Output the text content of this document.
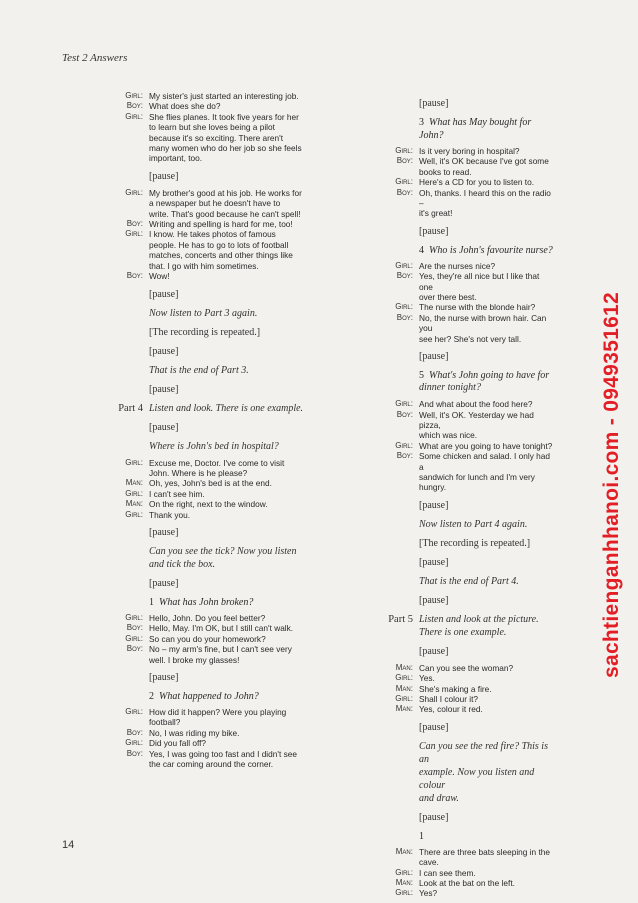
Test 2 Answers
Girl: My sister's just started an interesting job.
Boy: What does she do?
Girl: She flies planes. It took five years for her
to learn but she loves being a pilot
because it's so exciting. There aren't
many women who do her job so she feels
important, too.
[pause]
Girl: My brother's good at his job. He works for
a newspaper but he doesn't have to
write. That's good because he can't spell!
Boy: Writing and spelling is hard for me, too!
Girl: I know. He takes photos of famous
people. He has to go to lots of football
matches, concerts and other things like
that. I go with him sometimes.
Boy: Wow!
[pause]
Now listen to Part 3 again.
[The recording is repeated.]
[pause]
That is the end of Part 3.
[pause]
Part 4 Listen and look. There is one example.
[pause]
Where is John's bed in hospital?
Girl: Excuse me, Doctor. I've come to visit
John. Where is he please?
Man: Oh, yes, John's bed is at the end.
Girl: I can't see him.
Man: On the right, next to the window.
Girl: Thank you.
[pause]
Can you see the tick? Now you listen
and tick the box.
[pause]
1 What has John broken?
Girl: Hello, John. Do you feel better?
Boy: Hello, May. I'm OK, but I still can't walk.
Girl: So can you do your homework?
Boy: No – my arm's fine, but I can't see very
well. I broke my glasses!
[pause]
2 What happened to John?
Girl: How did it happen? Were you playing
football?
Boy: No, I was riding my bike.
Girl: Did you fall off?
Boy: Yes, I was going too fast and I didn't see
the car coming around the corner.
[pause]
3 What has May bought for John?
Girl: Is it very boring in hospital?
Boy: Well, it's OK because I've got some
books to read.
Girl: Here's a CD for you to listen to.
Boy: Oh, thanks. I heard this on the radio –
it's great!
[pause]
4 Who is John's favourite nurse?
Girl: Are the nurses nice?
Boy: Yes, they're all nice but I like that one
over there best.
Girl: The nurse with the blonde hair?
Boy: No, the nurse with brown hair. Can you
see her? She's not very tall.
[pause]
5 What's John going to have for
dinner tonight?
Girl: And what about the food here?
Boy: Well, it's OK. Yesterday we had pizza,
which was nice.
Girl: What are you going to have tonight?
Boy: Some chicken and salad. I only had a
sandwich for lunch and I'm very hungry.
[pause]
Now listen to Part 4 again.
[The recording is repeated.]
[pause]
That is the end of Part 4.
[pause]
Part 5 Listen and look at the picture.
There is one example.
[pause]
Man: Can you see the woman?
Girl: Yes.
Man: She's making a fire.
Girl: Shall I colour it?
Man: Yes, colour it red.
[pause]
Can you see the red fire? This is an
example. Now you listen and colour
and draw.
[pause]
1
Man: There are three bats sleeping in the cave.
Girl: I can see them.
Man: Look at the bat on the left.
Girl: Yes?
14
sachtienganhhanoi.com - 0949351612
